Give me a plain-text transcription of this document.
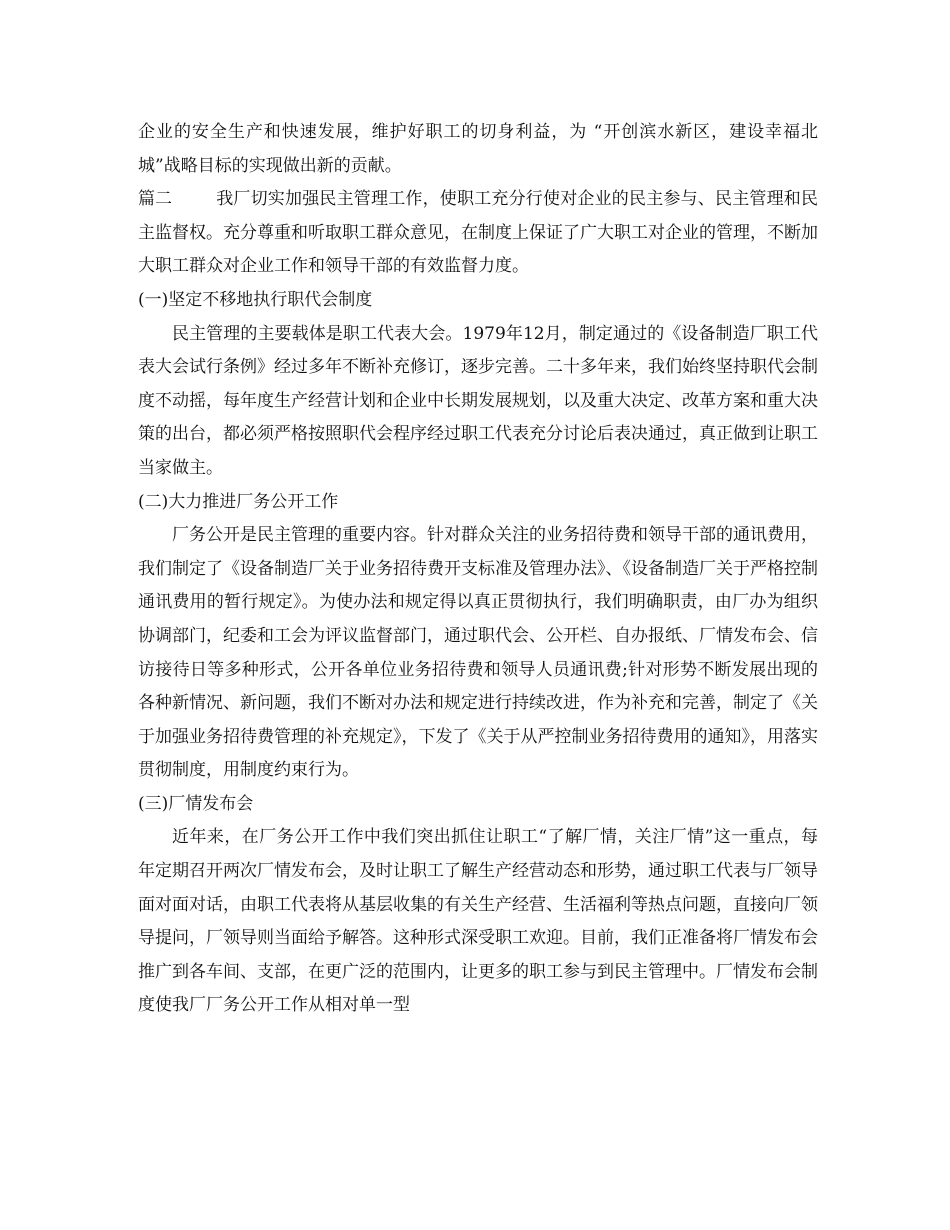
企业的安全生产和快速发展，维护好职工的切身利益，为 “开创滨水新区，建设幸福北城”战略目标的实现做出新的贡献。

篇二	我厂切实加强民主管理工作，使职工充分行使对企业的民主参与、民主管理和民主监督权。充分尊重和听取职工群众意见，在制度上保证了广大职工对企业的管理，不断加大职工群众对企业工作和领导干部的有效监督力度。

(一)坚定不移地执行职代会制度

民主管理的主要载体是职工代表大会。1979年12月，制定通过的《设备制造厂职工代表大会试行条例》经过多年不断补充修订，逐步完善。二十多年来，我们始终坚持职代会制度不动摇，每年度生产经营计划和企业中长期发展规划，以及重大决定、改革方案和重大决策的出台，都必须严格按照职代会程序经过职工代表充分讨论后表决通过，真正做到让职工当家做主。

(二)大力推进厂务公开工作

厂务公开是民主管理的重要内容。针对群众关注的业务招待费和领导干部的通讯费用，我们制定了《设备制造厂关于业务招待费开支标准及管理办法》、《设备制造厂关于严格控制通讯费用的暂行规定》。为使办法和规定得以真正贯彻执行，我们明确职责，由厂办为组织协调部门，纪委和工会为评议监督部门，通过职代会、公开栏、自办报纸、厂情发布会、信访接待日等多种形式，公开各单位业务招待费和领导人员通讯费;针对形势不断发展出现的各种新情况、新问题，我们不断对办法和规定进行持续改进，作为补充和完善，制定了《关于加强业务招待费管理的补充规定》，下发了《关于从严控制业务招待费用的通知》，用落实贯彻制度，用制度约束行为。

(三)厂情发布会

近年来，在厂务公开工作中我们突出抓住让职工“了解厂情，关注厂情”这一重点，每年定期召开两次厂情发布会，及时让职工了解生产经营动态和形势，通过职工代表与厂领导面对面对话，由职工代表将从基层收集的有关生产经营、生活福利等热点问题，直接向厂领导提问，厂领导则当面给予解答。这种形式深受职工欢迎。目前，我们正准备将厂情发布会推广到各车间、支部，在更广泛的范围内，让更多的职工参与到民主管理中。厂情发布会制度使我厂厂务公开工作从相对单一型
